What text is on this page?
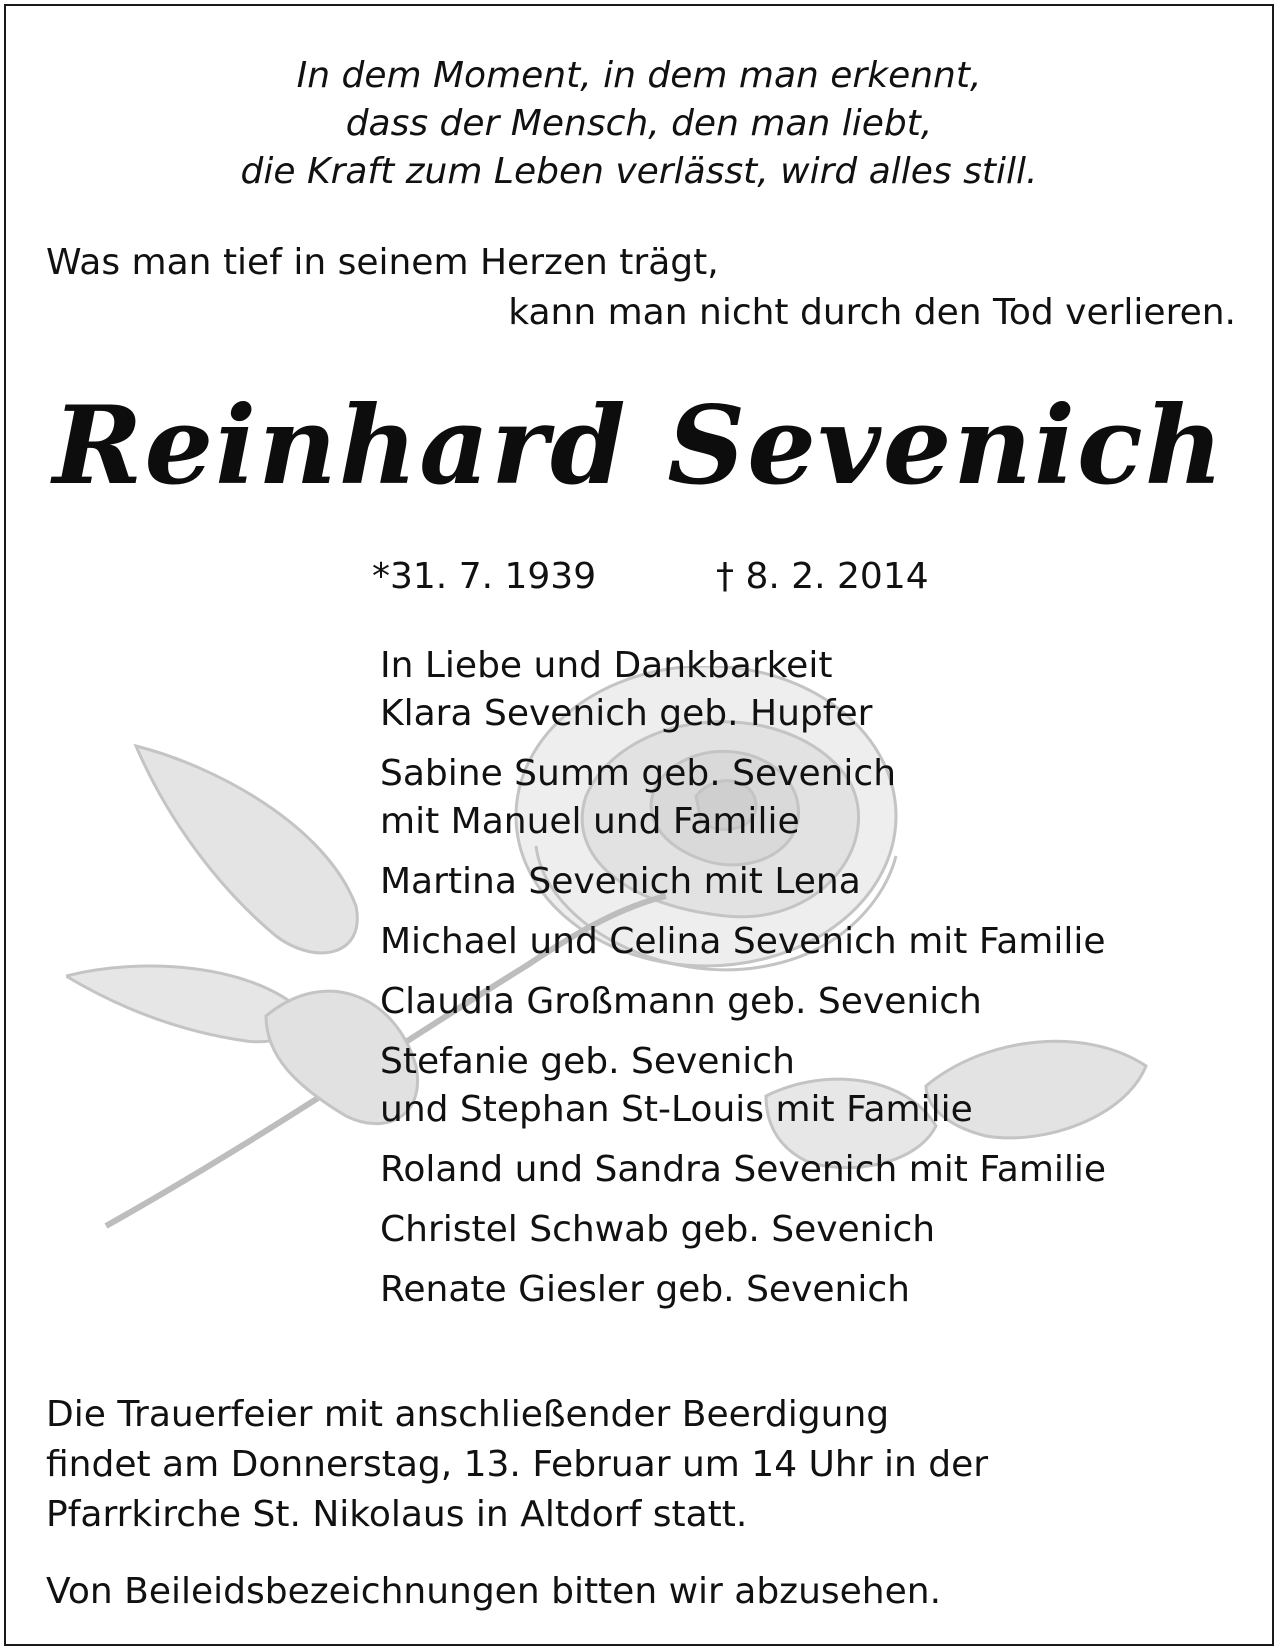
In dem Moment, in dem man erkennt,
dass der Mensch, den man liebt,
die Kraft zum Leben verlässt, wird alles still.
Was man tief in seinem Herzen trägt,
kann man nicht durch den Tod verlieren.
Reinhard Sevenich
*31. 7. 1939	† 8. 2. 2014
In Liebe und Dankbarkeit
Klara Sevenich geb. Hupfer
Sabine Summ geb. Sevenich
mit Manuel und Familie
Martina Sevenich mit Lena
Michael und Celina Sevenich mit Familie
Claudia Großmann geb. Sevenich
Stefanie geb. Sevenich
und Stephan St-Louis mit Familie
Roland und Sandra Sevenich mit Familie
Christel Schwab geb. Sevenich
Renate Giesler geb. Sevenich
Die Trauerfeier mit anschließender Beerdigung
findet am Donnerstag, 13. Februar um 14 Uhr in der
Pfarrkirche St. Nikolaus in Altdorf statt.
Von Beileidsbezeichnungen bitten wir abzusehen.
